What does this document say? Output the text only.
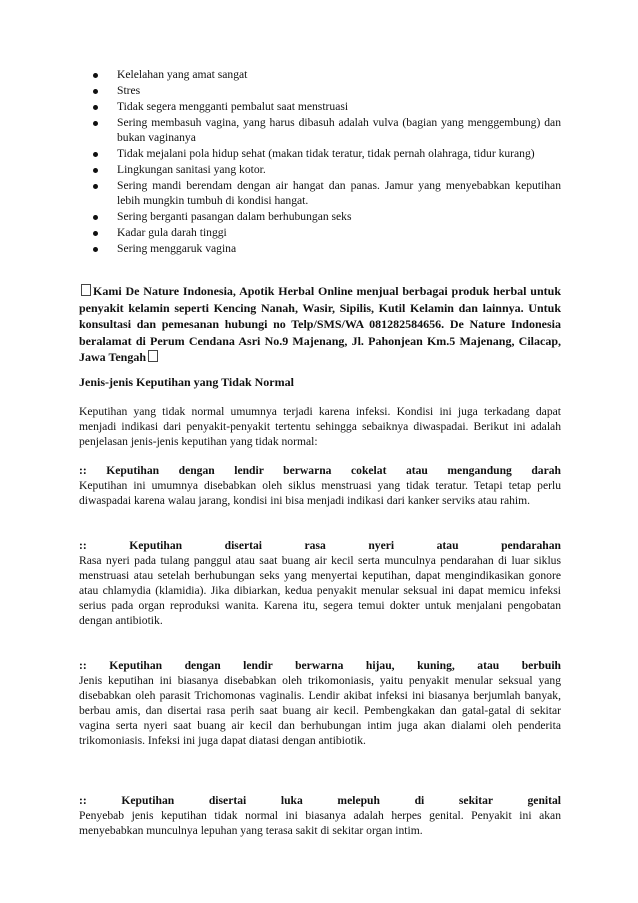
Kelelahan yang amat sangat
Stres
Tidak segera mengganti pembalut saat menstruasi
Sering membasuh vagina, yang harus dibasuh adalah vulva (bagian yang menggembung) dan bukan vaginanya
Tidak mejalani pola hidup sehat (makan tidak teratur, tidak pernah olahraga, tidur kurang)
Lingkungan sanitasi yang kotor.
Sering mandi berendam dengan air hangat dan panas. Jamur yang menyebabkan keputihan lebih mungkin tumbuh di kondisi hangat.
Sering berganti pasangan dalam berhubungan seks
Kadar gula darah tinggi
Sering menggaruk vagina

Kami De Nature Indonesia, Apotik Herbal Online menjual berbagai produk herbal untuk penyakit kelamin seperti Kencing Nanah, Wasir, Sipilis, Kutil Kelamin dan lainnya. Untuk konsultasi dan pemesanan hubungi no Telp/SMS/WA 081282584656. De Nature Indonesia beralamat di Perum Cendana Asri No.9 Majenang, Jl. Pahonjean Km.5 Majenang, Cilacap, Jawa Tengah

Jenis-jenis Keputihan yang Tidak Normal

Keputihan yang tidak normal umumnya terjadi karena infeksi. Kondisi ini juga terkadang dapat menjadi indikasi dari penyakit-penyakit tertentu sehingga sebaiknya diwaspadai. Berikut ini adalah penjelasan jenis-jenis keputihan yang tidak normal:

:: Keputihan dengan lendir berwarna cokelat atau mengandung darah

Keputihan ini umumnya disebabkan oleh siklus menstruasi yang tidak teratur. Tetapi tetap perlu diwaspadai karena walau jarang, kondisi ini bisa menjadi indikasi dari kanker serviks atau rahim.

:: Keputihan disertai rasa nyeri atau pendarahan

Rasa nyeri pada tulang panggul atau saat buang air kecil serta munculnya pendarahan di luar siklus menstruasi atau setelah berhubungan seks yang menyertai keputihan, dapat mengindikasikan gonore atau chlamydia (klamidia). Jika dibiarkan, kedua penyakit menular seksual ini dapat memicu infeksi serius pada organ reproduksi wanita. Karena itu, segera temui dokter untuk menjalani pengobatan dengan antibiotik.

:: Keputihan dengan lendir berwarna hijau, kuning, atau berbuih

Jenis keputihan ini biasanya disebabkan oleh trikomoniasis, yaitu penyakit menular seksual yang disebabkan oleh parasit Trichomonas vaginalis. Lendir akibat infeksi ini biasanya berjumlah banyak, berbau amis, dan disertai rasa perih saat buang air kecil. Pembengkakan dan gatal-gatal di sekitar vagina serta nyeri saat buang air kecil dan berhubungan intim juga akan dialami oleh penderita trikomoniasis. Infeksi ini juga dapat diatasi dengan antibiotik.

:: Keputihan disertai luka melepuh di sekitar genital

Penyebab jenis keputihan tidak normal ini biasanya adalah herpes genital. Penyakit ini akan menyebabkan munculnya lepuhan yang terasa sakit di sekitar organ intim.
